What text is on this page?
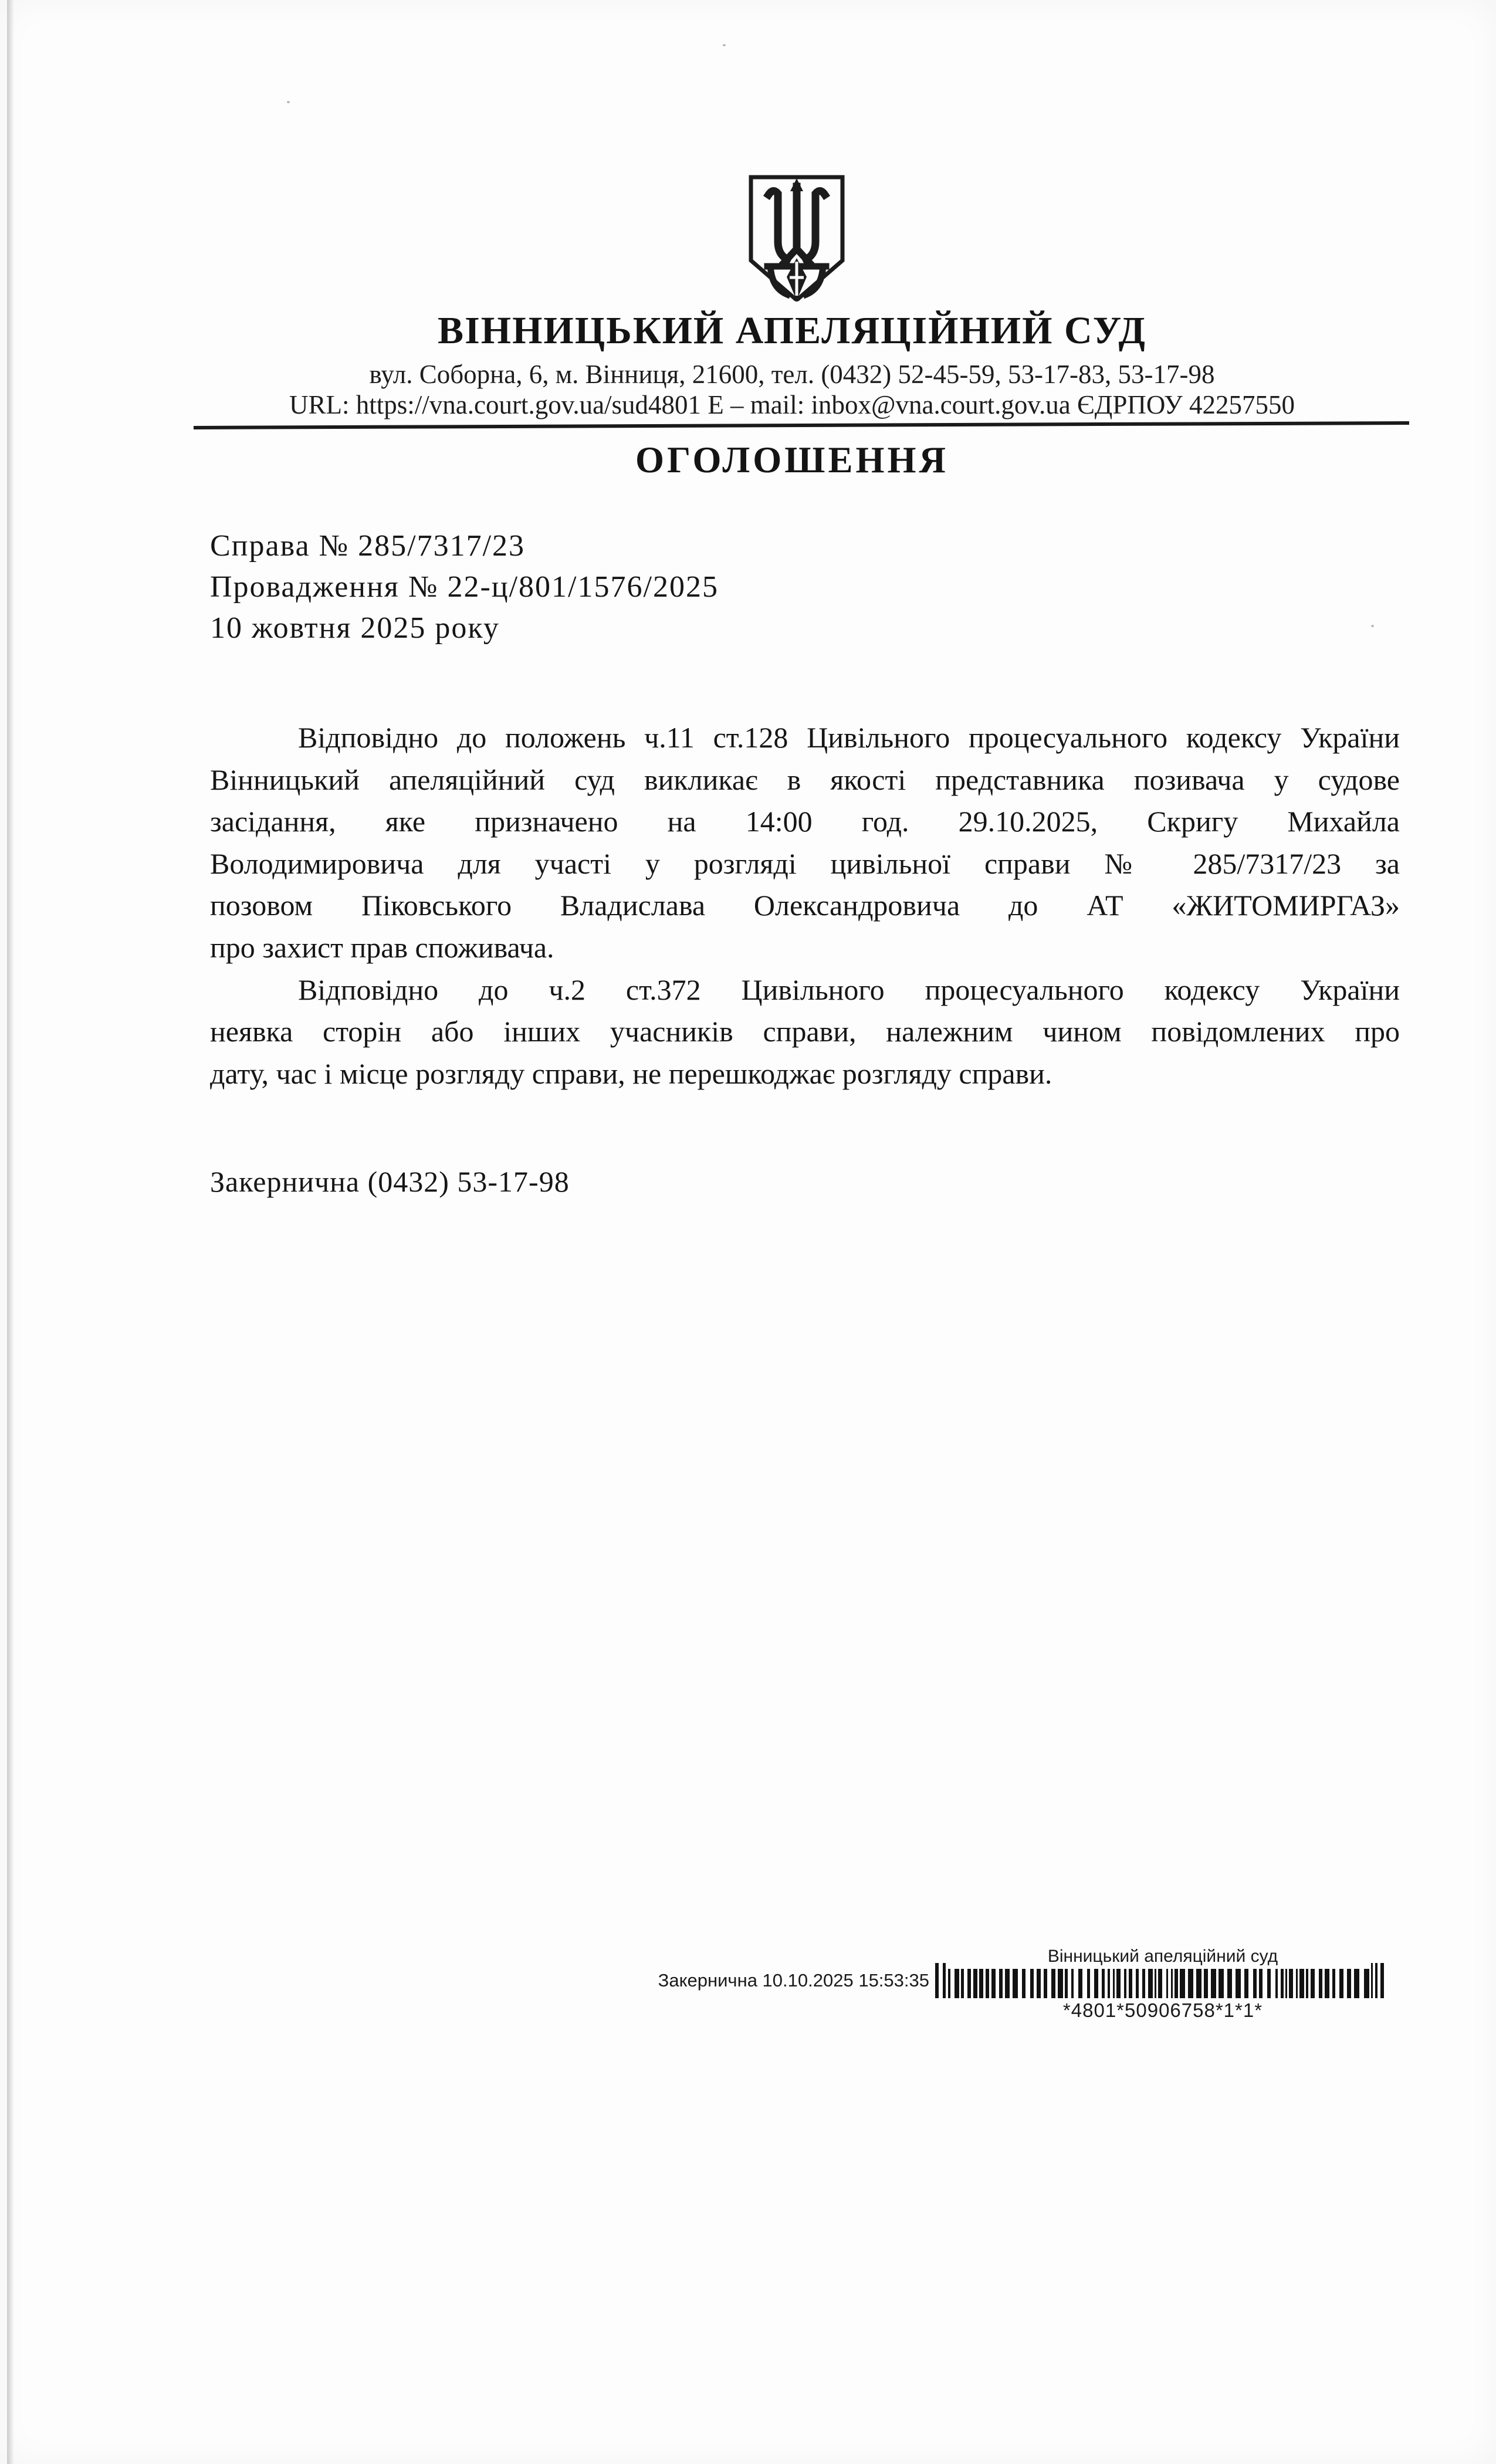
ВІННИЦЬКИЙ АПЕЛЯЦІЙНИЙ СУД
вул. Соборна, 6, м. Вінниця, 21600, тел. (0432) 52-45-59, 53-17-83, 53-17-98
URL: https://vna.court.gov.ua/sud4801 Е – mail: inbox@vna.court.gov.ua ЄДРПОУ 42257550
ОГОЛОШЕННЯ
Справа № 285/7317/23
Провадження № 22-ц/801/1576/2025
10 жовтня 2025 року
Відповідно до положень ч.11 ст.128 Цивільного процесуального кодексу України
Вінницький апеляційний суд викликає в якості представника позивача у судове
засідання, яке призначено на 14:00 год. 29.10.2025, Скригу Михайла
Володимировича для участі у розгляді цивільної справи № 285/7317/23 за
позовом Піковського Владислава Олександровича до АТ «ЖИТОМИРГАЗ»
про захист прав споживача.
Відповідно до ч.2 ст.372 Цивільного процесуального кодексу України
неявка сторін або інших учасників справи, належним чином повідомлених про
дату, час і місце розгляду справи, не перешкоджає розгляду справи.
Закернична (0432) 53-17-98
Вінницький апеляційний суд
Закернична 10.10.2025 15:53:35
*4801*50906758*1*1*
